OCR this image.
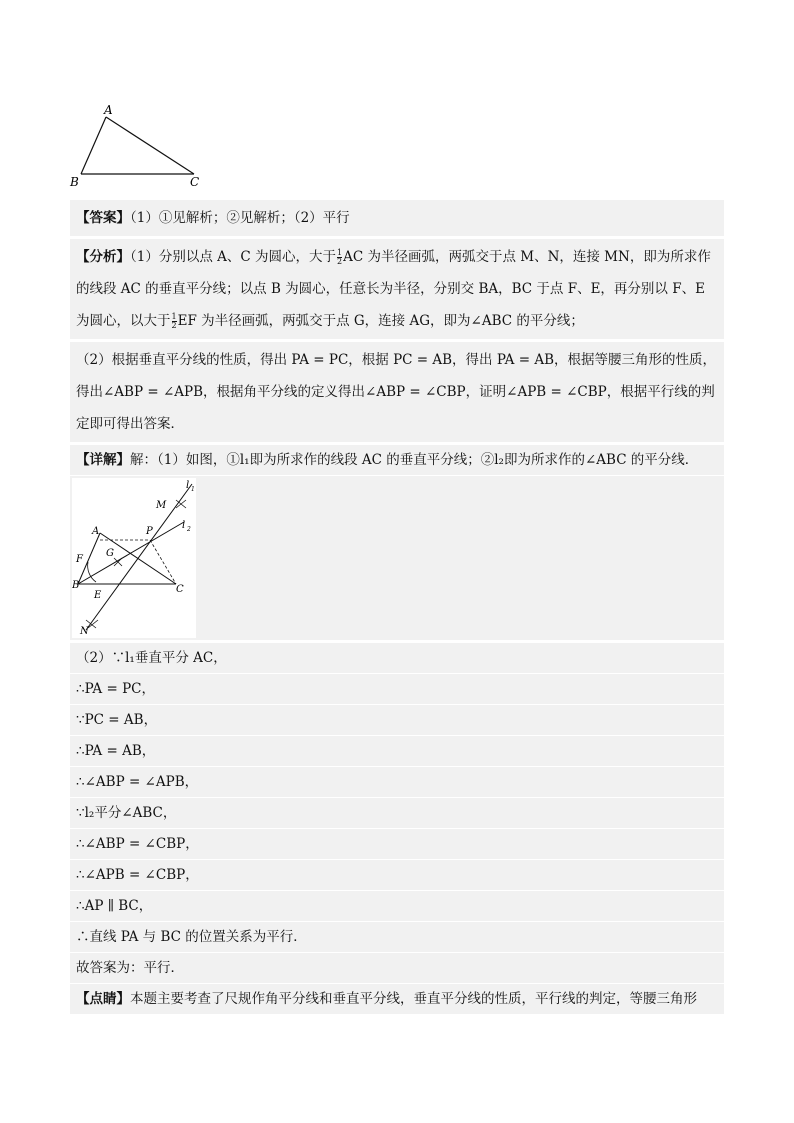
A
B	C
【答案】（1）①见解析；②见解析；（2）平行
【分析】（1）分别以点 A、C 为圆心，大于 $\frac{1}{2}$ AC 为半径画弧，两弧交于点 M、N，连接 MN，即为所求作的线段 AC 的垂直平分线；以点 B 为圆心，任意长为半径，分别交 BA，BC 于点 F、E，再分别以 F、E 为圆心，以大于 $\frac{1}{2}$ EF 为半径画弧，两弧交于点 G，连接 AG，即为∠ABC 的平分线；
（2）根据垂直平分线的性质，得出 PA = PC，根据 PC = AB，得出 PA = AB，根据等腰三角形的性质，得出∠ABP = ∠APB，根据角平分线的定义得出∠ABP = ∠CBP，证明∠APB = ∠CBP，根据平行线的判定即可得出答案．
【详解】解：（1）如图，①l₁即为所求作的线段 AC 的垂直平分线；②l₂即为所求作的∠ABC 的平分线．
l 1
l 2
M
A	P
F
G
B
E
C
N
（2）∵l₁垂直平分 AC，
∴PA = PC，
∵PC = AB，
∴PA = AB，
∴∠ABP = ∠APB，
∵l₂平分∠ABC，
∴∠ABP = ∠CBP，
∴∠APB = ∠CBP，
∴AP ∥ BC，
∴直线 PA 与 BC 的位置关系为平行．
故答案为：平行．
【点睛】本题主要考查了尺规作角平分线和垂直平分线，垂直平分线的性质，平行线的判定，等腰三角形
